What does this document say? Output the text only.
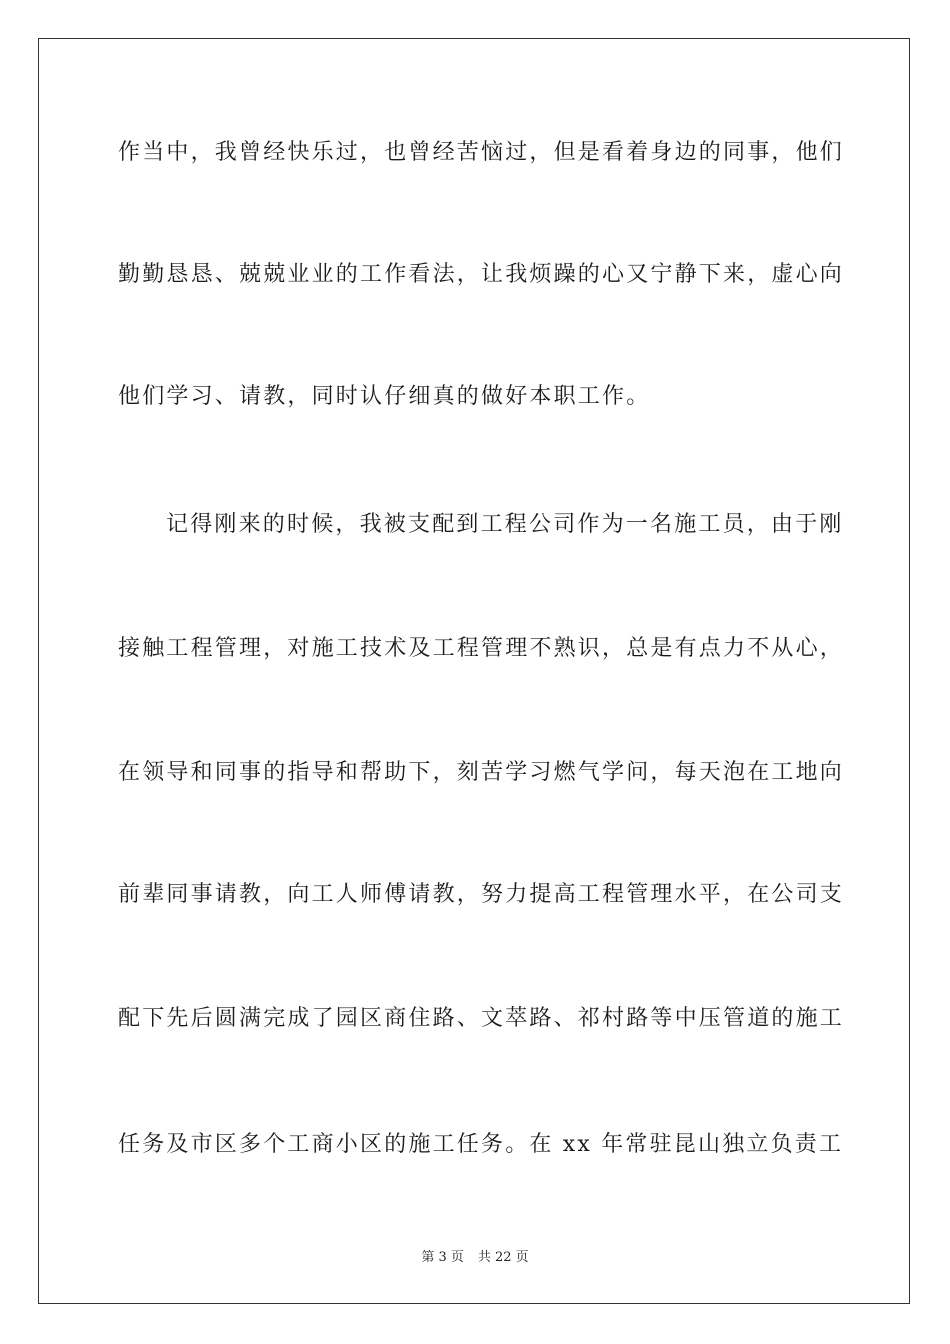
作当中，我曾经快乐过，也曾经苦恼过，但是看着身边的同事，他们
勤勤恳恳、兢兢业业的工作看法，让我烦躁的心又宁静下来，虚心向
他们学习、请教，同时认仔细真的做好本职工作。
记得刚来的时候，我被支配到工程公司作为一名施工员，由于刚
接触工程管理，对施工技术及工程管理不熟识，总是有点力不从心，
在领导和同事的指导和帮助下，刻苦学习燃气学问，每天泡在工地向
前辈同事请教，向工人师傅请教，努力提高工程管理水平，在公司支
配下先后圆满完成了园区商住路、文萃路、祁村路等中压管道的施工
任务及市区多个工商小区的施工任务。在 xx 年常驻昆山独立负责工
第 3 页 共 22 页
